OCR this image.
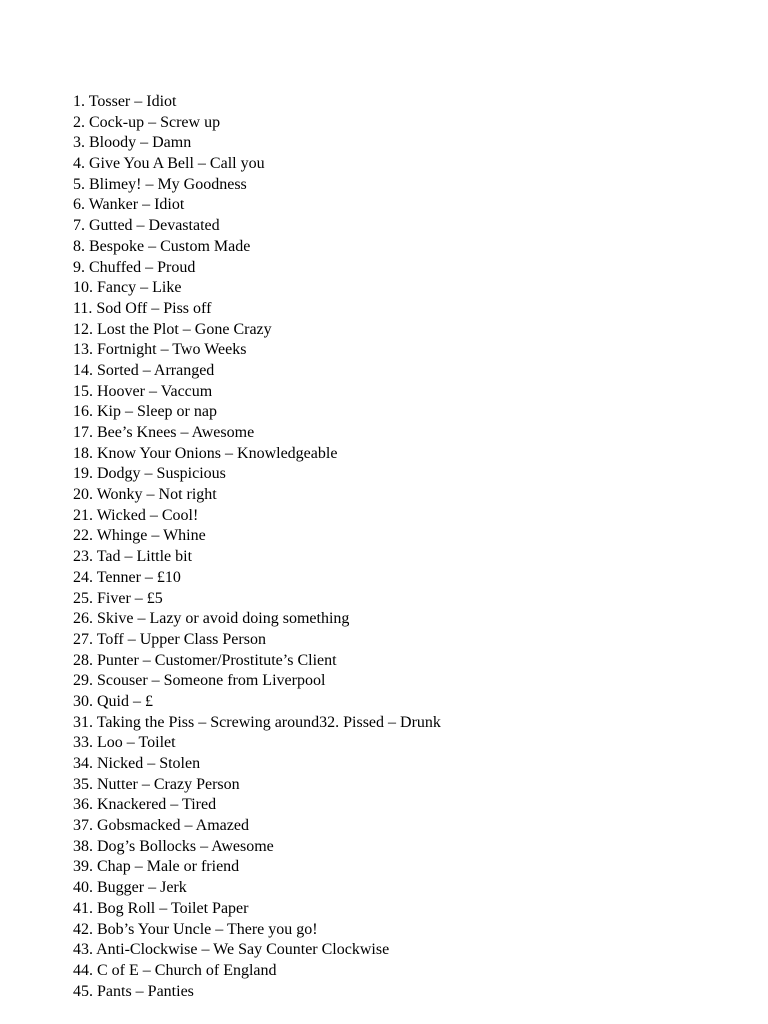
1. Tosser – Idiot
2. Cock-up – Screw up
3. Bloody – Damn
4. Give You A Bell – Call you
5. Blimey! – My Goodness
6. Wanker – Idiot
7. Gutted – Devastated
8. Bespoke – Custom Made
9. Chuffed – Proud
10. Fancy – Like
11. Sod Off – Piss off
12. Lost the Plot – Gone Crazy
13. Fortnight – Two Weeks
14. Sorted – Arranged
15. Hoover – Vaccum
16. Kip – Sleep or nap
17. Bee’s Knees – Awesome
18. Know Your Onions – Knowledgeable
19. Dodgy – Suspicious
20. Wonky – Not right
21. Wicked – Cool!
22. Whinge – Whine
23. Tad – Little bit
24. Tenner – £10
25. Fiver – £5
26. Skive – Lazy or avoid doing something
27. Toff – Upper Class Person
28. Punter – Customer/Prostitute’s Client
29. Scouser – Someone from Liverpool
30. Quid – £
31. Taking the Piss – Screwing around32. Pissed – Drunk
33. Loo – Toilet
34. Nicked – Stolen
35. Nutter – Crazy Person
36. Knackered – Tired
37. Gobsmacked – Amazed
38. Dog’s Bollocks – Awesome
39. Chap – Male or friend
40. Bugger – Jerk
41. Bog Roll – Toilet Paper
42. Bob’s Your Uncle – There you go!
43. Anti-Clockwise – We Say Counter Clockwise
44. C of E – Church of England
45. Pants – Panties
